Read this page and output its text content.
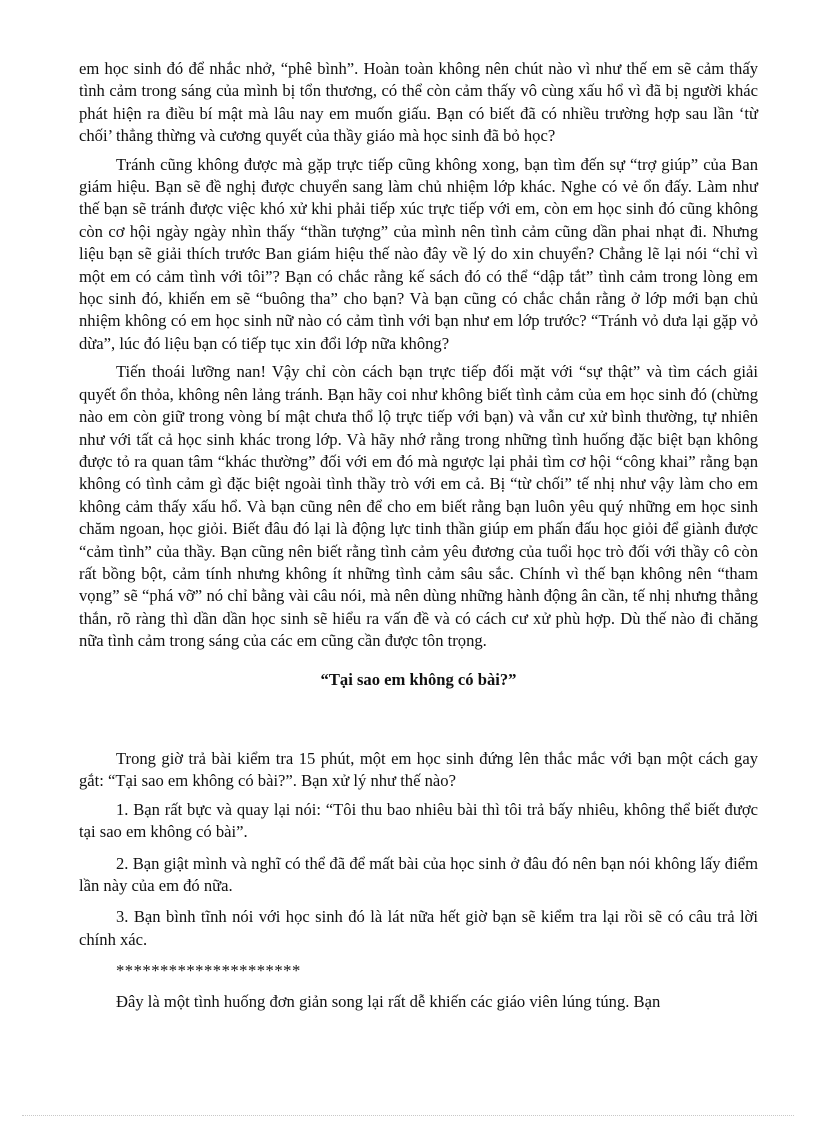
em học sinh đó để nhắc nhở, “phê bình”. Hoàn toàn không nên chút nào vì như thế em sẽ cảm thấy tình cảm trong sáng của mình bị tổn thương, có thể còn cảm thấy vô cùng xấu hổ vì đã bị người khác phát hiện ra điều bí mật mà lâu nay em muốn giấu. Bạn có biết đã có nhiều trường hợp sau lần ‘từ chối’ thẳng thừng và cương quyết của thầy giáo mà học sinh đã bỏ học?

Tránh cũng không được mà gặp trực tiếp cũng không xong, bạn tìm đến sự “trợ giúp” của Ban giám hiệu. Bạn sẽ đề nghị được chuyển sang làm chủ nhiệm lớp khác. Nghe có vẻ ổn đấy. Làm như thế bạn sẽ tránh được việc khó xử khi phải tiếp xúc trực tiếp với em, còn em học sinh đó cũng không còn cơ hội ngày ngày nhìn thấy “thần tượng” của mình nên tình cảm cũng dần phai nhạt đi. Nhưng liệu bạn sẽ giải thích trước Ban giám hiệu thế nào đây về lý do xin chuyển? Chẳng lẽ lại nói “chỉ vì một em có cảm tình với tôi”? Bạn có chắc rằng kế sách đó có thể “dập tắt” tình cảm trong lòng em học sinh đó, khiến em sẽ “buông tha” cho bạn? Và bạn cũng có chắc chắn rằng ở lớp mới bạn chủ nhiệm không có em học sinh nữ nào có cảm tình với bạn như em lớp trước? “Tránh vỏ dưa lại gặp vỏ dừa”, lúc đó liệu bạn có tiếp tục xin đổi lớp nữa không?

Tiến thoái lưỡng nan! Vậy chỉ còn cách bạn trực tiếp đối mặt với “sự thật” và tìm cách giải quyết ổn thỏa, không nên lảng tránh. Bạn hãy coi như không biết tình cảm của em học sinh đó (chừng nào em còn giữ trong vòng bí mật chưa thổ lộ trực tiếp với bạn) và vẫn cư xử bình thường, tự nhiên như với tất cả học sinh khác trong lớp. Và hãy nhớ rằng trong những tình huống đặc biệt bạn không được tỏ ra quan tâm “khác thường” đối với em đó mà ngược lại phải tìm cơ hội “công khai” rằng bạn không có tình cảm gì đặc biệt ngoài tình thầy trò với em cả. Bị “từ chối” tế nhị như vậy làm cho em không cảm thấy xấu hổ. Và bạn cũng nên để cho em biết rằng bạn luôn yêu quý những em học sinh chăm ngoan, học giỏi. Biết đâu đó lại là động lực tinh thần giúp em phấn đấu học giỏi để giành được “cảm tình” của thầy. Bạn cũng nên biết rằng tình cảm yêu đương của tuổi học trò đối với thầy cô còn rất bồng bột, cảm tính nhưng không ít những tình cảm sâu sắc. Chính vì thế bạn không nên “tham vọng” sẽ “phá vỡ” nó chỉ bằng vài câu nói, mà nên dùng những hành động ân cần, tế nhị nhưng thẳng thắn, rõ ràng thì dần dần học sinh sẽ hiểu ra vấn đề và có cách cư xử phù hợp. Dù thế nào đi chăng nữa tình cảm trong sáng của các em cũng cần được tôn trọng.

“Tại sao em không có bài?”

Trong giờ trả bài kiểm tra 15 phút, một em học sinh đứng lên thắc mắc với bạn một cách gay gắt: “Tại sao em không có bài?”. Bạn xử lý như thế nào?

1. Bạn rất bực và quay lại nói: “Tôi thu bao nhiêu bài thì tôi trả bấy nhiêu, không thể biết được tại sao em không có bài”.

2. Bạn giật mình và nghĩ có thể đã để mất bài của học sinh ở đâu đó nên bạn nói không lấy điểm lần này của em đó nữa.

3. Bạn bình tĩnh nói với học sinh đó là lát nữa hết giờ bạn sẽ kiểm tra lại rồi sẽ có câu trả lời chính xác.

*********************

Đây là một tình huống đơn giản song lại rất dễ khiến các giáo viên lúng túng. Bạn
